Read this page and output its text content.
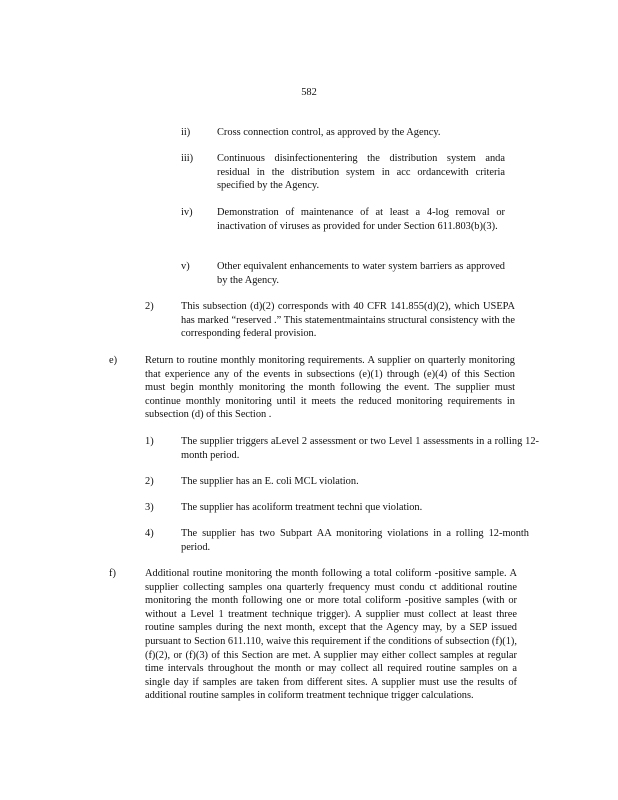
582
ii)	Cross connection control, as approved by the Agency.
iii) Continuous disinfectionentering the distribution system anda residual in the distribution system in acc ordancewith criteria specified by the Agency.
iv) Demonstration of maintenance of at least a 4-log removal or inactivation of viruses as provided for under Section 611.803(b)(3).
v)	Other equivalent enhancements to water system barriers as approved by the Agency.
2)	This subsection (d)(2) corresponds with 40 CFR 141.855(d)(2), which USEPA has marked “reserved .” This statementmaintains structural consistency with the corresponding federal provision.
e)	Return to routine monthly monitoring requirements. A supplier on quarterly monitoring that experience any of the events in subsections (e)(1) through (e)(4) of this Section must begin monthly monitoring the month following the event. The supplier must continue monthly monitoring until it meets the reduced monitoring requirements in subsection (d) of this Section .
1)	The supplier triggers aLevel 2 assessment or two Level 1 assessments in a rolling 12-month period.
2)	The supplier has an E. coli MCL violation.
3)	The supplier has acoliform treatment techni que violation.
4)	The supplier has two Subpart AA monitoring violations in a rolling 12-month period.
f)	Additional routine monitoring the month following a total coliform -positive sample. A supplier collecting samples ona quarterly frequency must condu ct additional routine monitoring the month following one or more total coliform -positive samples (with or without a Level 1 treatment technique trigger). A supplier must collect at least three routine samples during the next month, except that the Agency may, by a SEP issued pursuant to Section 611.110, waive this requirement if the conditions of subsection (f)(1), (f)(2), or (f)(3) of this Section are met. A supplier may either collect samples at regular time intervals throughout the month or may collect all required routine samples on a single day if samples are taken from different sites. A supplier must use the results of additional routine samples in coliform treatment technique trigger calculations.
